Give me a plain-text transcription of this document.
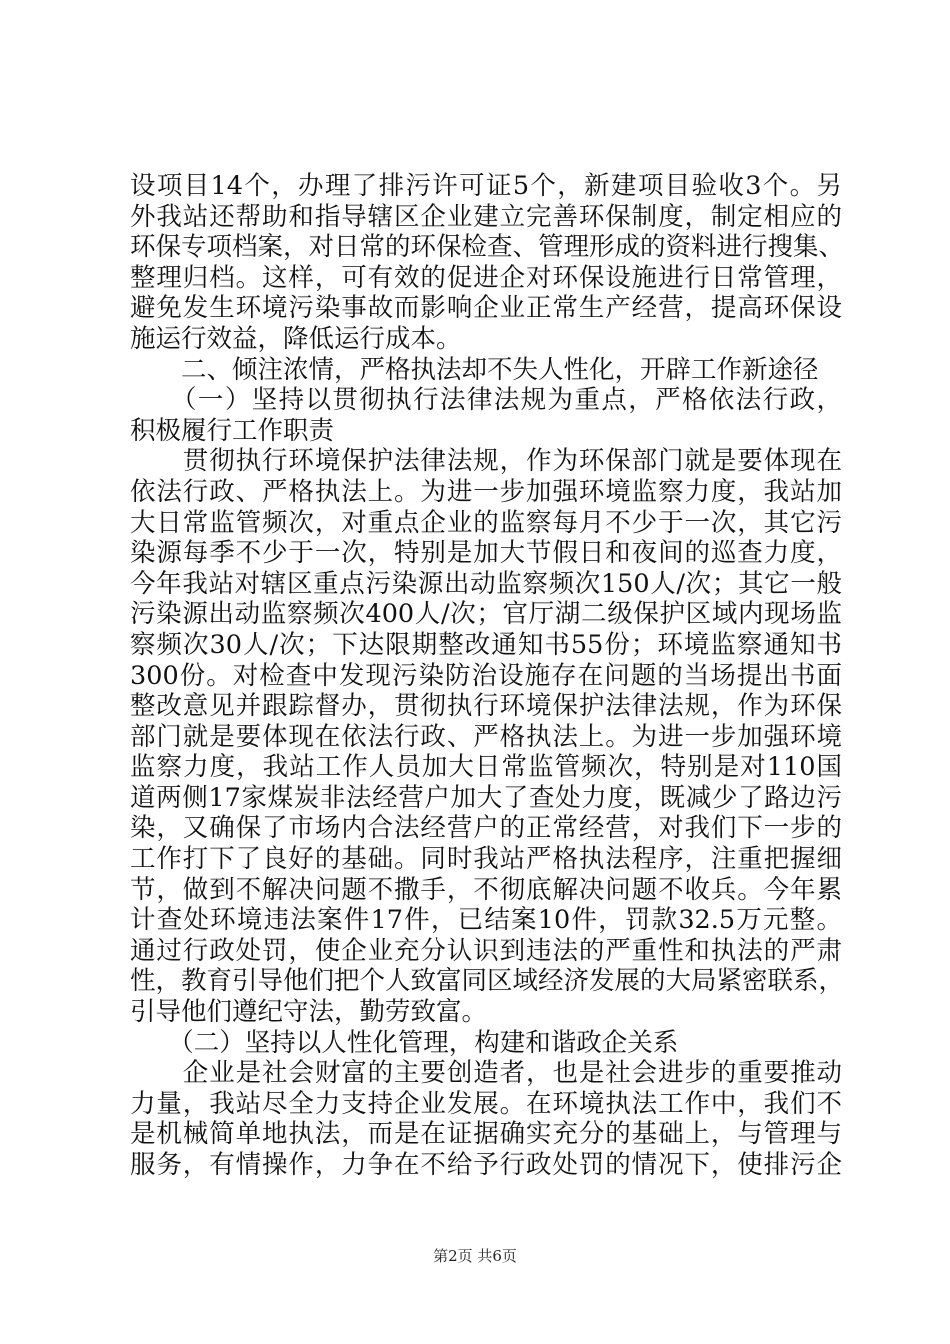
设项目14个，办理了排污许可证5个，新建项目验收3个。另
外我站还帮助和指导辖区企业建立完善环保制度，制定相应的
环保专项档案，对日常的环保检查、管理形成的资料进行搜集、
整理归档。这样，可有效的促进企对环保设施进行日常管理，
避免发生环境污染事故而影响企业正常生产经营，提高环保设
施运行效益，降低运行成本。
　　二、倾注浓情，严格执法却不失人性化，开辟工作新途径
　　（一）坚持以贯彻执行法律法规为重点，严格依法行政，
积极履行工作职责
　　贯彻执行环境保护法律法规，作为环保部门就是要体现在
依法行政、严格执法上。为进一步加强环境监察力度，我站加
大日常监管频次，对重点企业的监察每月不少于一次，其它污
染源每季不少于一次，特别是加大节假日和夜间的巡查力度，
今年我站对辖区重点污染源出动监察频次150人/次；其它一般
污染源出动监察频次400人/次；官厅湖二级保护区域内现场监
察频次30人/次；下达限期整改通知书55份；环境监察通知书
300份。对检查中发现污染防治设施存在问题的当场提出书面
整改意见并跟踪督办，贯彻执行环境保护法律法规，作为环保
部门就是要体现在依法行政、严格执法上。为进一步加强环境
监察力度，我站工作人员加大日常监管频次，特别是对110国
道两侧17家煤炭非法经营户加大了查处力度，既减少了路边污
染，又确保了市场内合法经营户的正常经营，对我们下一步的
工作打下了良好的基础。同时我站严格执法程序，注重把握细
节，做到不解决问题不撒手，不彻底解决问题不收兵。今年累
计查处环境违法案件17件，已结案10件，罚款32.5万元整。
通过行政处罚，使企业充分认识到违法的严重性和执法的严肃
性，教育引导他们把个人致富同区域经济发展的大局紧密联系，
引导他们遵纪守法，勤劳致富。
　　（二）坚持以人性化管理，构建和谐政企关系
　　企业是社会财富的主要创造者，也是社会进步的重要推动
力量，我站尽全力支持企业发展。在环境执法工作中，我们不
是机械简单地执法，而是在证据确实充分的基础上，与管理与
服务，有情操作，力争在不给予行政处罚的情况下，使排污企
第2页 共6页
